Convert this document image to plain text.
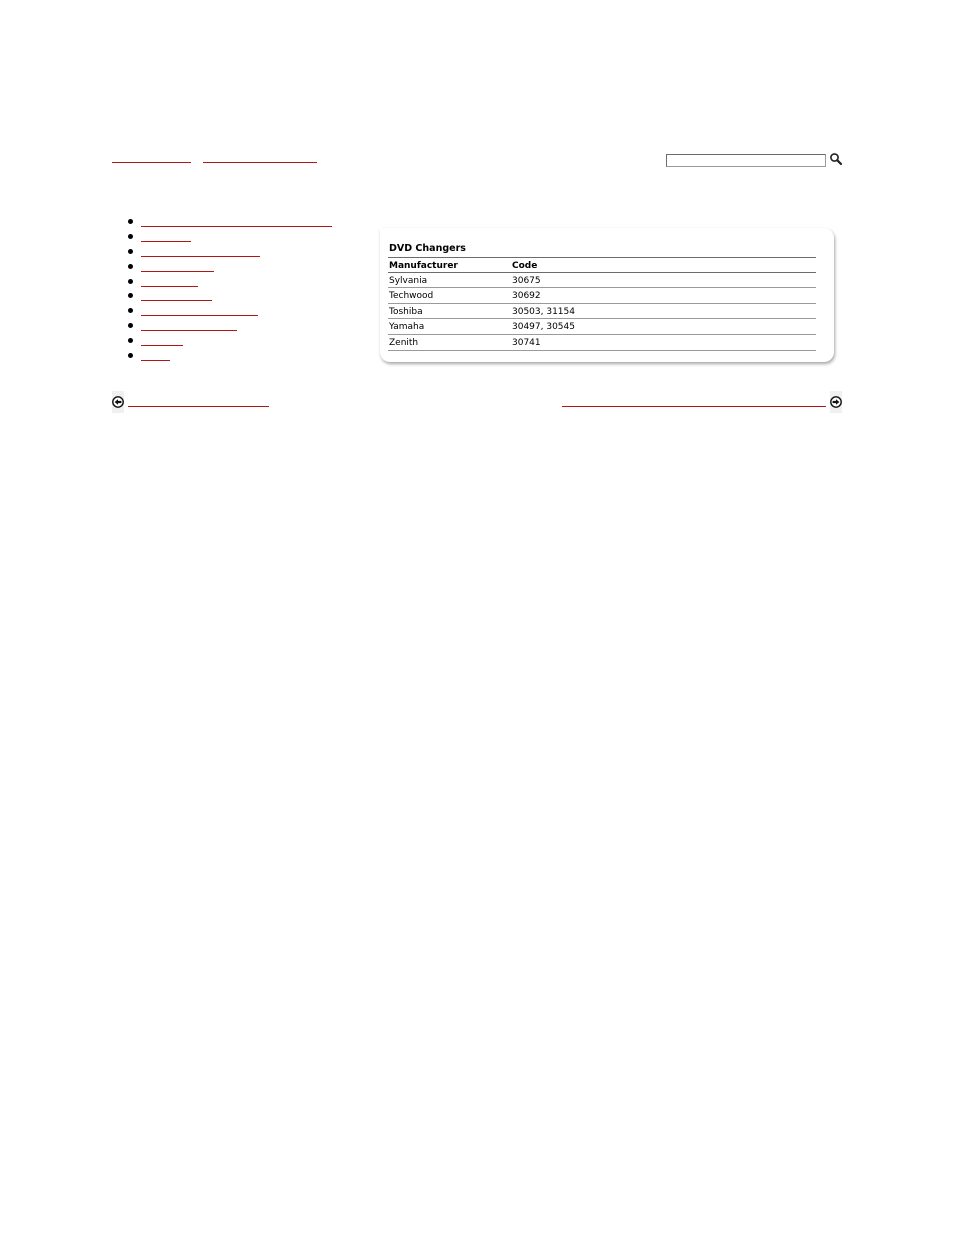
DVD Changers
Manufacturer	Code
Sylvania	30675
Techwood	30692
Toshiba	30503, 31154
Yamaha	30497, 30545
Zenith	30741
